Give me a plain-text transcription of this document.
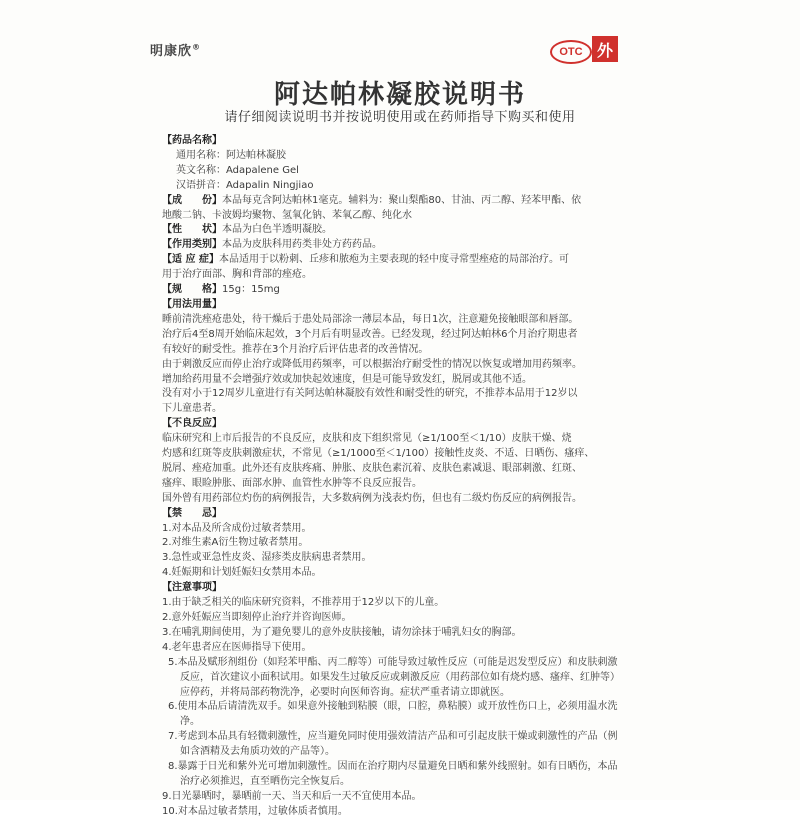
明康欣®	OTC 外
阿达帕林凝胶说明书
请仔细阅读说明书并按说明使用或在药师指导下购买和使用
【药品名称】
通用名称：阿达帕林凝胶
英文名称：Adapalene Gel
汉语拼音：Adapalin Ningjiao
【成　　份】本品每克含阿达帕林1毫克。辅料为：聚山梨酯80、甘油、丙二醇、羟苯甲酯、依
地酸二钠、卡波姆均聚物、氢氧化钠、苯氧乙醇、纯化水
【性　　状】本品为白色半透明凝胶。
【作用类别】本品为皮肤科用药类非处方药药品。
【适 应 症】本品适用于以粉刺、丘疹和脓疱为主要表现的轻中度寻常型痤疮的局部治疗。可
用于治疗面部、胸和背部的痤疮。
【规　　格】15g：15mg
【用法用量】
睡前清洗痤疮患处，待干燥后于患处局部涂一薄层本品，每日1次，注意避免接触眼部和唇部。
治疗后4至8周开始临床起效，3个月后有明显改善。已经发现，经过阿达帕林6个月治疗期患者
有较好的耐受性。推荐在3个月治疗后评估患者的改善情况。
由于刺激反应而停止治疗或降低用药频率，可以根据治疗耐受性的情况以恢复或增加用药频率。
增加给药用量不会增强疗效或加快起效速度，但是可能导致发红，脱屑或其他不适。
没有对小于12周岁儿童进行有关阿达帕林凝胶有效性和耐受性的研究，不推荐本品用于12岁以
下儿童患者。
【不良反应】
临床研究和上市后报告的不良反应，皮肤和皮下组织常见（≥1/100至＜1/10）皮肤干燥、烧
灼感和红斑等皮肤刺激症状，不常见（≥1/1000至＜1/100）接触性皮炎、不适、日晒伤、瘙痒、
脱屑、痤疮加重。此外还有皮肤疼痛、肿胀、皮肤色素沉着、皮肤色素减退、眼部刺激、红斑、
瘙痒、眼睑肿胀、面部水肿、血管性水肿等不良反应报告。
国外曾有用药部位灼伤的病例报告，大多数病例为浅表灼伤，但也有二级灼伤反应的病例报告。
【禁　　忌】
1.对本品及所含成份过敏者禁用。
2.对维生素A衍生物过敏者禁用。
3.急性或亚急性皮炎、湿疹类皮肤病患者禁用。
4.妊娠期和计划妊娠妇女禁用本品。
【注意事项】
1.由于缺乏相关的临床研究资料，不推荐用于12岁以下的儿童。
2.意外妊娠应当即刻停止治疗并咨询医师。
3.在哺乳期间使用，为了避免婴儿的意外皮肤接触，请勿涂抹于哺乳妇女的胸部。
4.老年患者应在医师指导下使用。
5.本品及赋形剂组份（如羟苯甲酯、丙二醇等）可能导致过敏性反应（可能是迟发型反应）和皮肤刺激反应，首次建议小面积试用。如果发生过敏反应或刺激反应（用药部位如有烧灼感、瘙痒、红肿等）应停药，并将局部药物洗净，必要时向医师咨询。症状严重者请立即就医。
6.使用本品后请清洗双手。如果意外接触到粘膜（眼，口腔，鼻粘膜）或开放性伤口上，必须用温水洗净。
7.考虑到本品具有轻微刺激性，应当避免同时使用强效清洁产品和可引起皮肤干燥或刺激性的产品（例如含酒精及去角质功效的产品等）。
8.暴露于日光和紫外光可增加刺激性。因而在治疗期内尽量避免日晒和紫外线照射。如有日晒伤，本品治疗必须推迟，直至晒伤完全恢复后。
9.日光暴晒时，暴晒前一天、当天和后一天不宜使用本品。
10.对本品过敏者禁用，过敏体质者慎用。
